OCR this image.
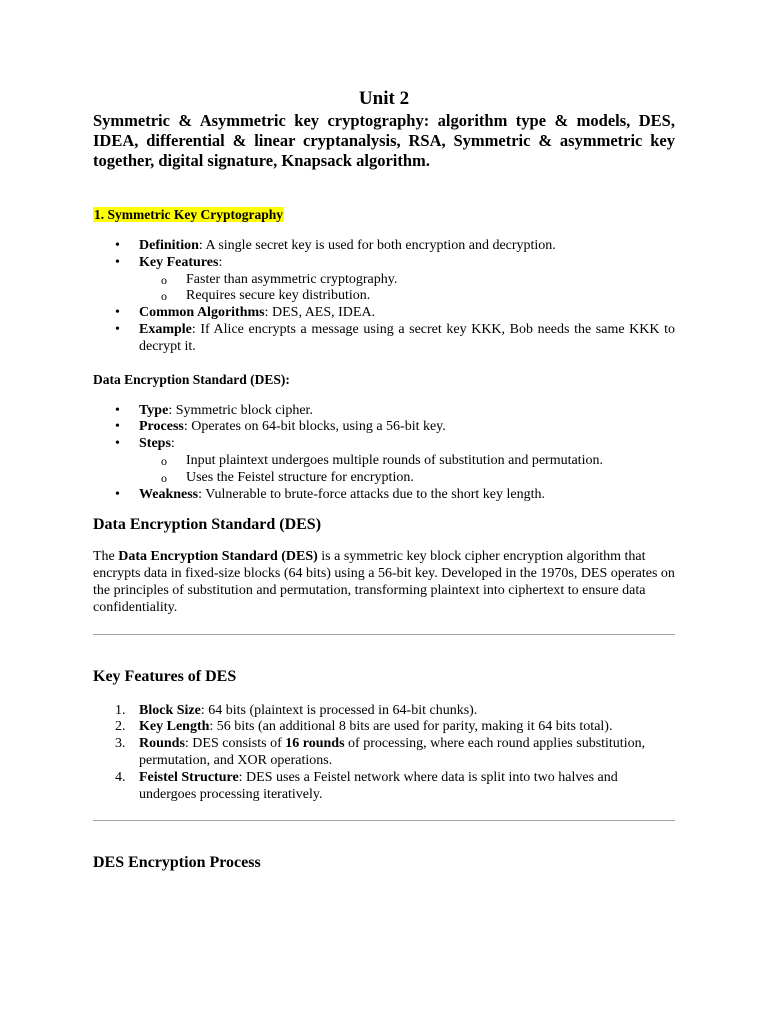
Unit 2
Symmetric & Asymmetric key cryptography: algorithm type & models, DES, IDEA, differential & linear cryptanalysis, RSA, Symmetric & asymmetric key together, digital signature, Knapsack algorithm.
1. Symmetric Key Cryptography
• Definition: A single secret key is used for both encryption and decryption.
• Key Features:
o Faster than asymmetric cryptography.
o Requires secure key distribution.
• Common Algorithms: DES, AES, IDEA.
• Example: If Alice encrypts a message using a secret key KKK, Bob needs the same KKK to decrypt it.
Data Encryption Standard (DES):
• Type: Symmetric block cipher.
• Process: Operates on 64-bit blocks, using a 56-bit key.
• Steps:
o Input plaintext undergoes multiple rounds of substitution and permutation.
o Uses the Feistel structure for encryption.
• Weakness: Vulnerable to brute-force attacks due to the short key length.
Data Encryption Standard (DES)

The Data Encryption Standard (DES) is a symmetric key block cipher encryption algorithm that encrypts data in fixed-size blocks (64 bits) using a 56-bit key. Developed in the 1970s, DES operates on the principles of substitution and permutation, transforming plaintext into ciphertext to ensure data confidentiality.

Key Features of DES
1. Block Size: 64 bits (plaintext is processed in 64-bit chunks).
2. Key Length: 56 bits (an additional 8 bits are used for parity, making it 64 bits total).
3. Rounds: DES consists of 16 rounds of processing, where each round applies substitution, permutation, and XOR operations.
4. Feistel Structure: DES uses a Feistel network where data is split into two halves and undergoes processing iteratively.
DES Encryption Process
